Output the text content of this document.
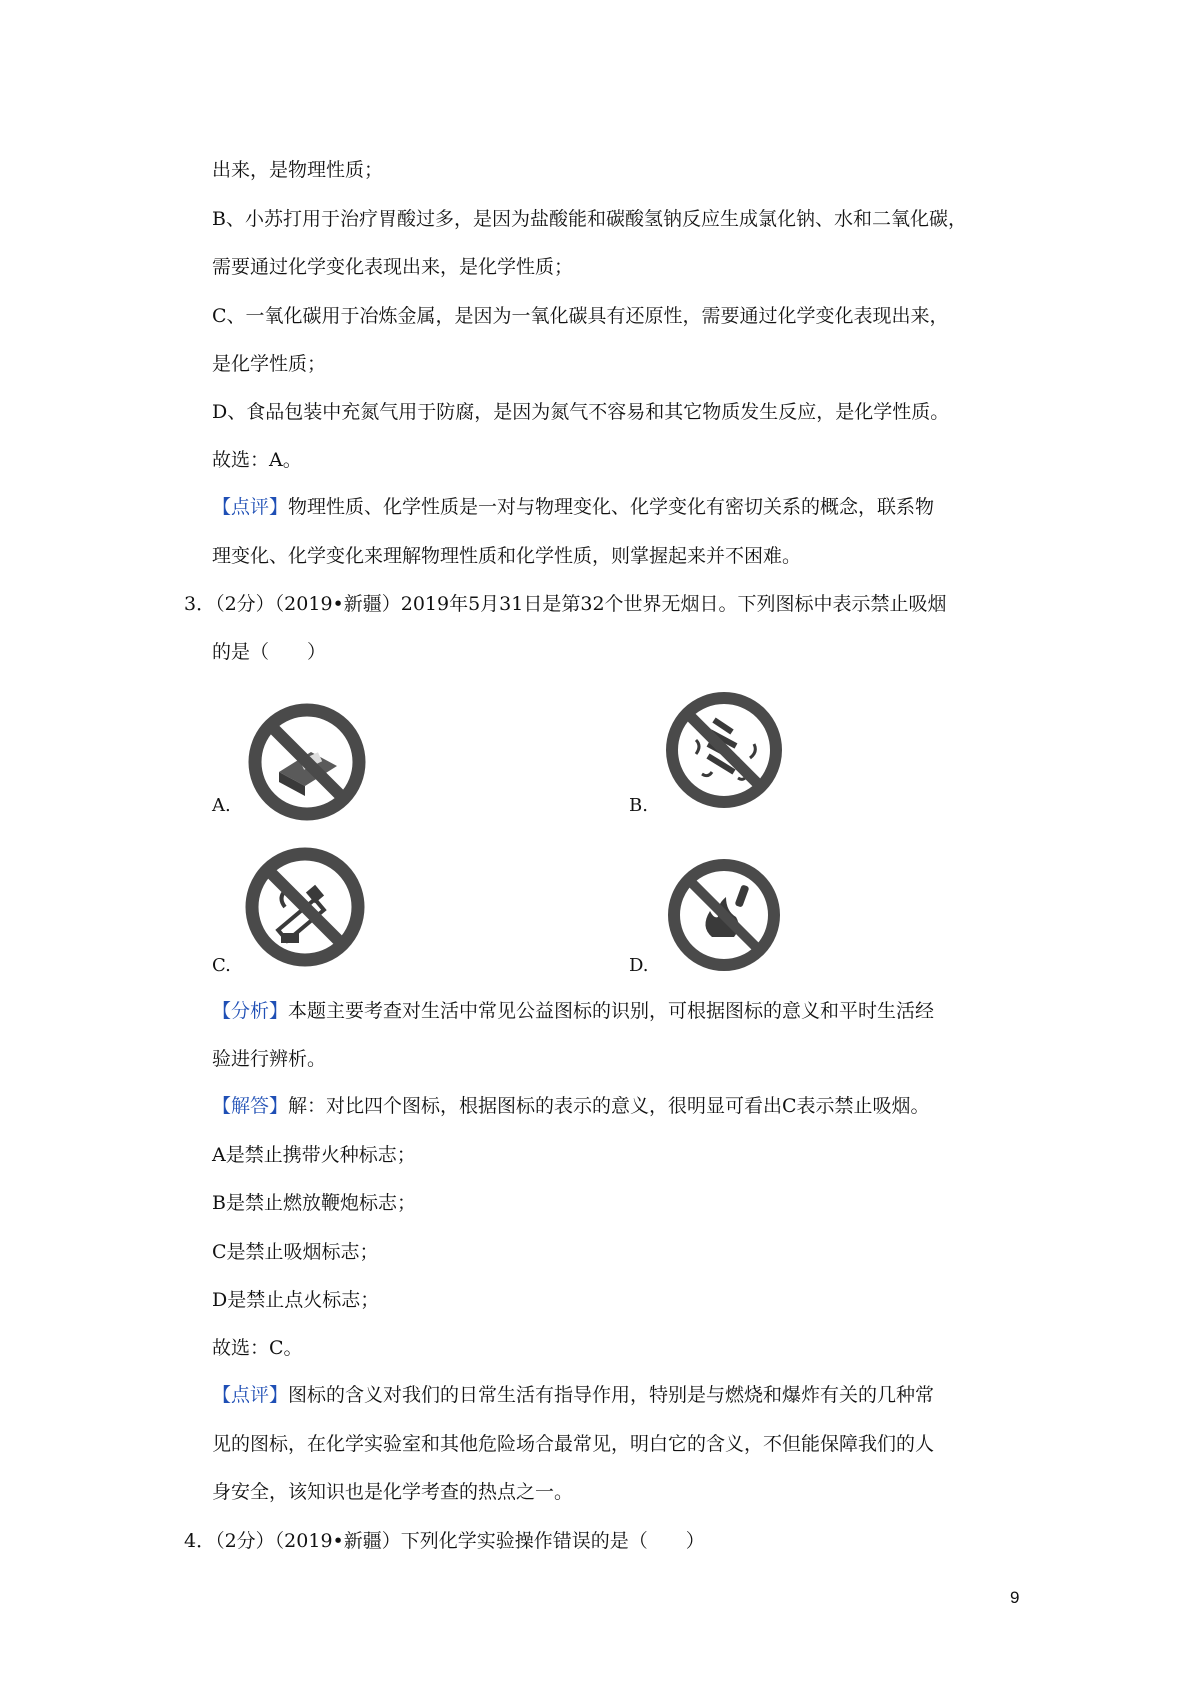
出来，是物理性质；
B、小苏打用于治疗胃酸过多，是因为盐酸能和碳酸氢钠反应生成氯化钠、水和二氧化碳，
需要通过化学变化表现出来，是化学性质；
C、一氧化碳用于冶炼金属，是因为一氧化碳具有还原性，需要通过化学变化表现出来，
是化学性质；
D、食品包装中充氮气用于防腐，是因为氮气不容易和其它物质发生反应，是化学性质。
故选：A。
【点评】物理性质、化学性质是一对与物理变化、化学变化有密切关系的概念，联系物
理变化、化学变化来理解物理性质和化学性质，则掌握起来并不困难。
3．（2分）（2019•新疆）2019年5月31日是第32个世界无烟日。下列图标中表示禁止吸烟
的是（　　）
A.	B.
C.	D.
【分析】本题主要考查对生活中常见公益图标的识别，可根据图标的意义和平时生活经
验进行辨析。
【解答】解：对比四个图标，根据图标的表示的意义，很明显可看出C表示禁止吸烟。
A是禁止携带火种标志；
B是禁止燃放鞭炮标志；
C是禁止吸烟标志；
D是禁止点火标志；
故选：C。
【点评】图标的含义对我们的日常生活有指导作用，特别是与燃烧和爆炸有关的几种常
见的图标，在化学实验室和其他危险场合最常见，明白它的含义，不但能保障我们的人
身安全，该知识也是化学考查的热点之一。
4．（2分）（2019•新疆）下列化学实验操作错误的是（　　）
9
